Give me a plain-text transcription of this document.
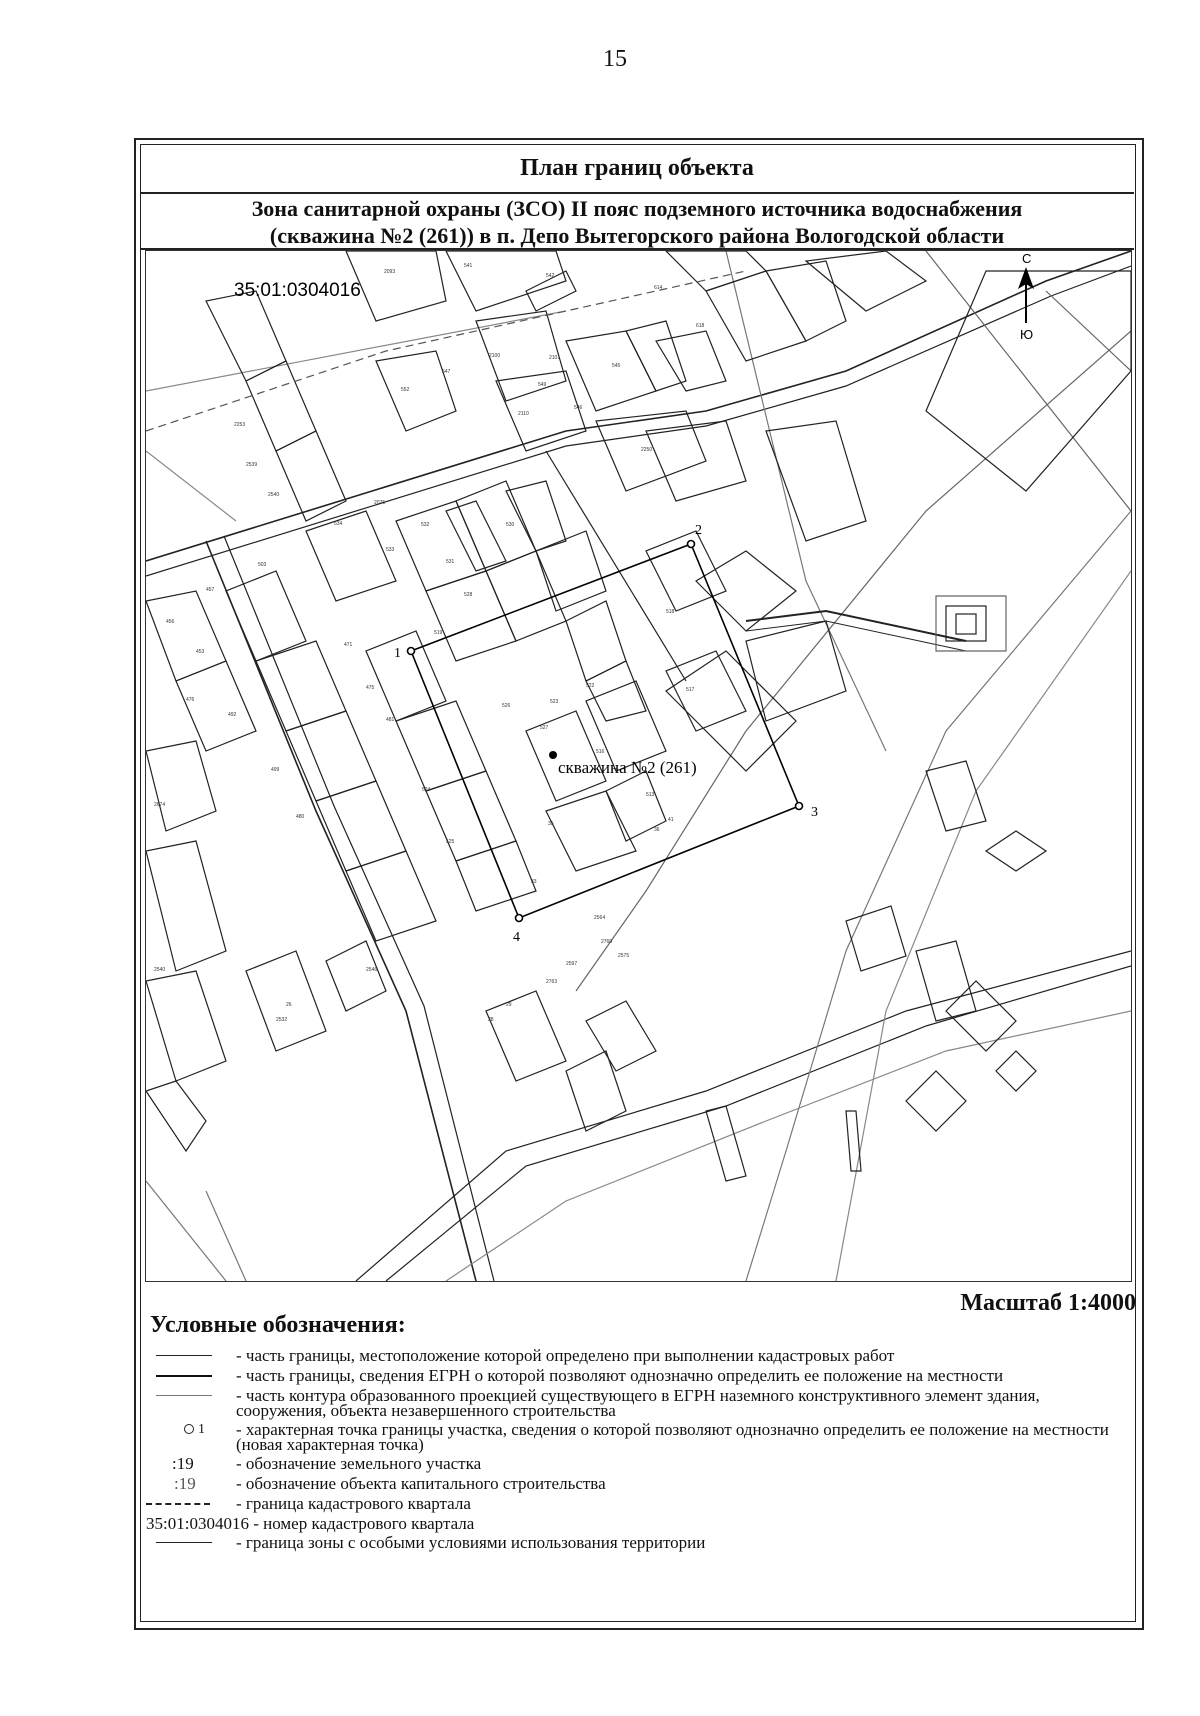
15
План границ объекта
Зона санитарной охраны (ЗСО) II пояс подземного источника водоснабжения
(скважина №2 (261)) в п. Депо Вытегорского района Вологодской области
скважина №2 (261)
1
2
3
4
35:01:0304016
С
Ю
2093
541
542
614
618
2100	2101
545
549
552
547
546
2110
2250
2253
2539
2540
2075
534
533
532
531
530
528
503
457
456
453
476
492
499
480
471
475
481
524
525
526
527
523
519
518
517
522
516
513
41
36
35
33
2564
2760
2575
2597
2763
29
28
26
2674
2540	2546
2532
Масштаб 1:4000
Условные обозначения:
- часть границы, местоположение которой определено при выполнении кадастровых работ
- часть границы, сведения ЕГРН о которой позволяют однозначно определить ее положение на местности
- часть контура образованного проекцией существующего в ЕГРН наземного конструктивного элемент здания, сооружения, объекта незавершенного строительства
1 - характерная точка границы участка, сведения о которой позволяют однозначно определить ее положение на местности (новая характерная точка)
:19 - обозначение земельного участка
:19 - обозначение объекта капитального строительства
- граница кадастрового квартала
35:01:0304016 - номер кадастрового квартала
- граница зоны с особыми условиями использования территории
